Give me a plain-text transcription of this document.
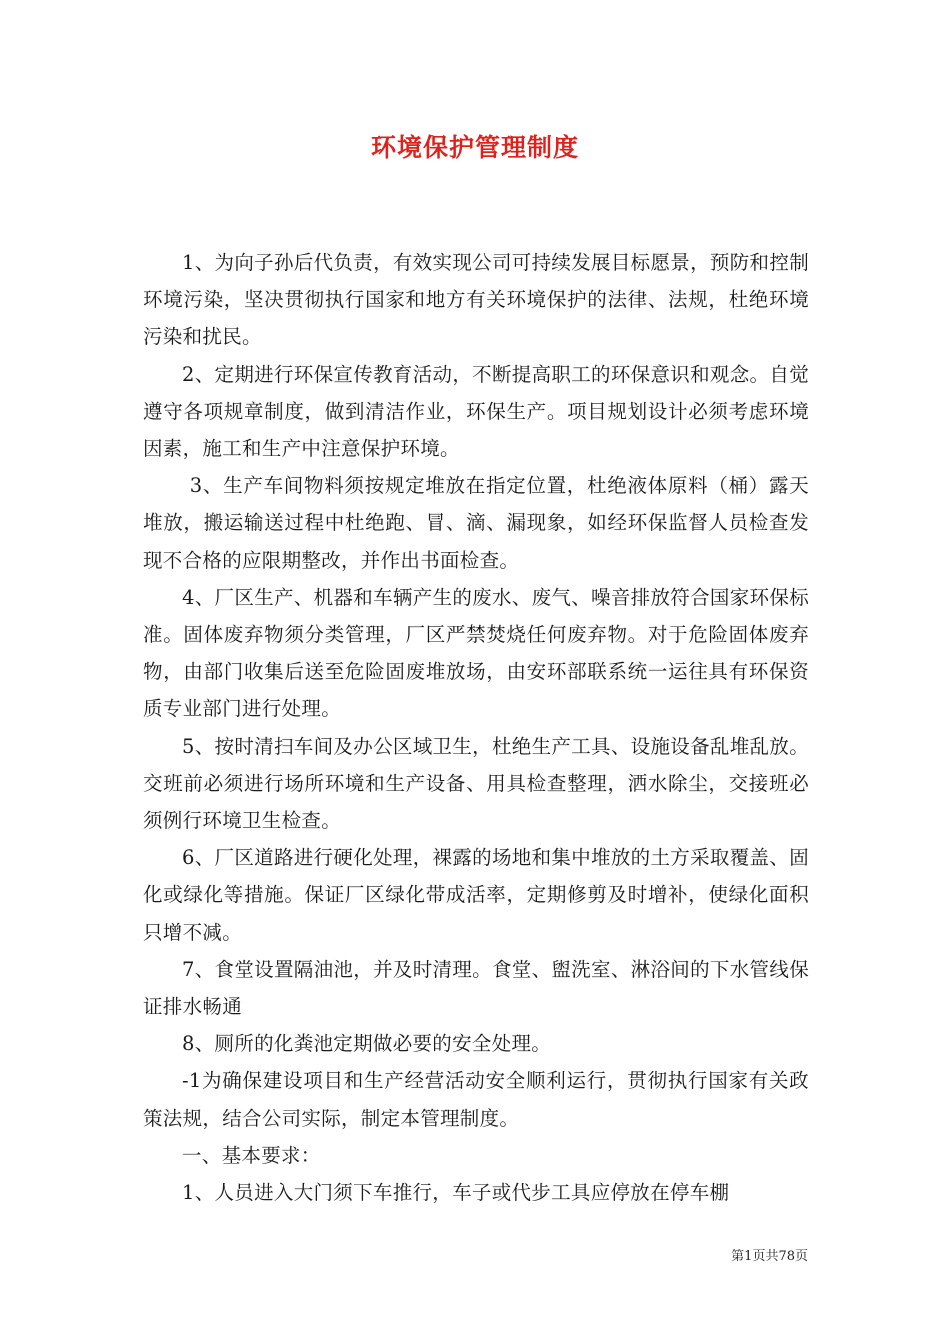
环境保护管理制度

1、为向子孙后代负责，有效实现公司可持续发展目标愿景，预防和控制环境污染，坚决贯彻执行国家和地方有关环境保护的法律、法规，杜绝环境污染和扰民。

2、定期进行环保宣传教育活动，不断提高职工的环保意识和观念。自觉遵守各项规章制度，做到清洁作业，环保生产。项目规划设计必须考虑环境因素，施工和生产中注意保护环境。

3、生产车间物料须按规定堆放在指定位置，杜绝液体原料（桶）露天堆放，搬运输送过程中杜绝跑、冒、滴、漏现象，如经环保监督人员检查发现不合格的应限期整改，并作出书面检查。

4、厂区生产、机器和车辆产生的废水、废气、噪音排放符合国家环保标准。固体废弃物须分类管理，厂区严禁焚烧任何废弃物。对于危险固体废弃物，由部门收集后送至危险固废堆放场，由安环部联系统一运往具有环保资质专业部门进行处理。

5、按时清扫车间及办公区域卫生，杜绝生产工具、设施设备乱堆乱放。交班前必须进行场所环境和生产设备、用具检查整理，洒水除尘，交接班必须例行环境卫生检查。

6、厂区道路进行硬化处理，裸露的场地和集中堆放的土方采取覆盖、固化或绿化等措施。保证厂区绿化带成活率，定期修剪及时增补，使绿化面积只增不减。

7、食堂设置隔油池，并及时清理。食堂、盥洗室、淋浴间的下水管线保证排水畅通

8、厕所的化粪池定期做必要的安全处理。

-1为确保建设项目和生产经营活动安全顺利运行，贯彻执行国家有关政策法规，结合公司实际，制定本管理制度。

一、基本要求：

1、人员进入大门须下车推行，车子或代步工具应停放在停车棚

第1页共78页
